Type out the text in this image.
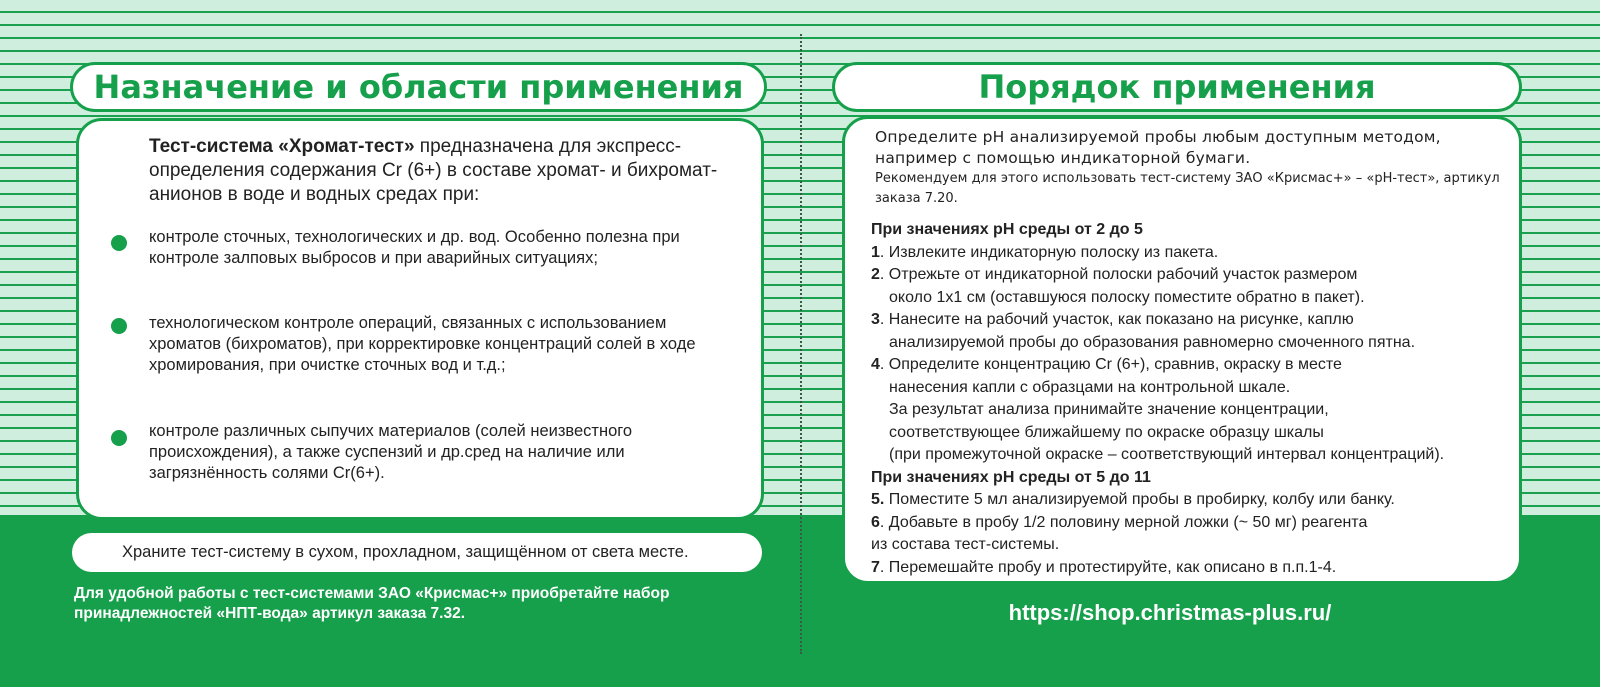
Назначение и области применения
Тест-система «Хромат-тест» предназначена для экспресс-определения содержания Cr (6+) в составе хромат- и бихромат- анионов в воде и водных средах при:
контроле сточных, технологических и др. вод. Особенно полезна при контроле залповых выбросов и при аварийных ситуациях;
технологическом контроле операций, связанных с использованием хроматов (бихроматов), при корректировке концентраций солей в ходе хромирования, при очистке сточных вод и т.д.;
контроле различных сыпучих материалов (солей неизвестного происхождения), а также суспензий и др.сред на наличие или загрязнённость солями Cr(6+).
Храните тест-систему в сухом, прохладном, защищённом от света месте.
Для удобной работы с тест-системами ЗАО «Крисмас+» приобретайте набор принадлежностей «НПТ-вода» артикул заказа 7.32.
Порядок применения
Определите pH анализируемой пробы любым доступным методом, например с помощью индикаторной бумаги.
Рекомендуем для этого использовать тест-систему ЗАО «Крисмас+» – «pH-тест», артикул заказа 7.20.
При значениях pH среды от 2 до 5
1. Извлеките индикаторную полоску из пакета.
2. Отрежьте от индикаторной полоски рабочий участок размером
около 1x1 см (оставшуюся полоску поместите обратно в пакет).
3. Нанесите на рабочий участок, как показано на рисунке, каплю
анализируемой пробы до образования равномерно смоченного пятна.
4. Определите концентрацию Cr (6+), сравнив, окраску в месте
нанесения капли с образцами на контрольной шкале.
За результат анализа принимайте значение концентрации,
соответствующее ближайшему по окраске образцу шкалы
(при промежуточной окраске – соответствующий интервал концентраций).
При значениях pH среды от 5 до 11
5. Поместите 5 мл анализируемой пробы в пробирку, колбу или банку.
6. Добавьте в пробу 1/2 половину мерной ложки (~ 50 мг) реагента
из состава тест-системы.
7. Перемешайте пробу и протестируйте, как описано в п.п.1-4.
https://shop.christmas-plus.ru/
